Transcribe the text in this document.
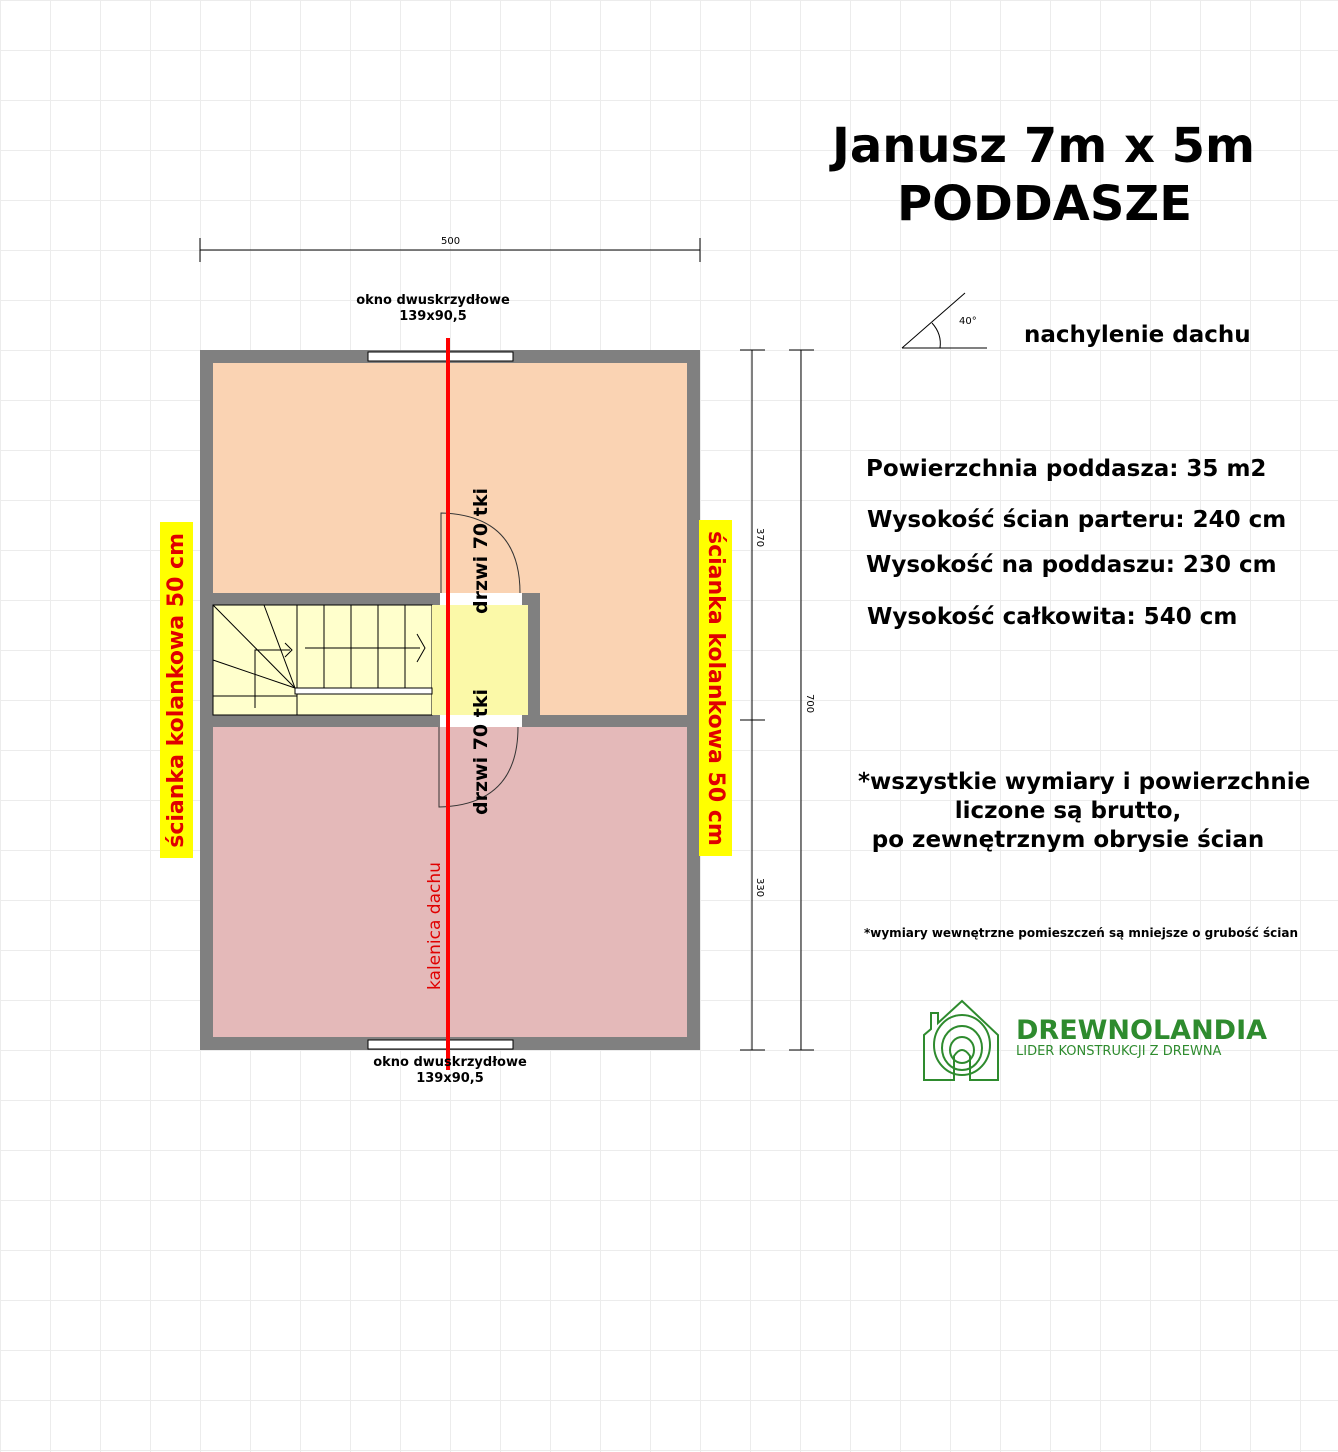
Janusz 7m x 5m
PODDASZE
40°
nachylenie dachu
Powierzchnia poddasza: 35 m2
Wysokość ścian parteru: 240 cm
Wysokość na poddaszu: 230 cm
Wysokość całkowita: 540 cm
*wszystkie wymiary i powierzchnie
liczone są brutto,
po zewnętrznym obrysie ścian
*wymiary wewnętrzne pomieszczeń są mniejsze o grubość ścian
500
370
330
700
okno dwuskrzydłowe
139x90,5
okno dwuskrzydłowe
139x90,5
drzwi 70 tki
drzwi 70 tki
kalenica dachu
ścianka kolankowa 50 cm	ścianka kolankowa 50 cm
DREWNOLANDIA
LIDER KONSTRUKCJI Z DREWNA
